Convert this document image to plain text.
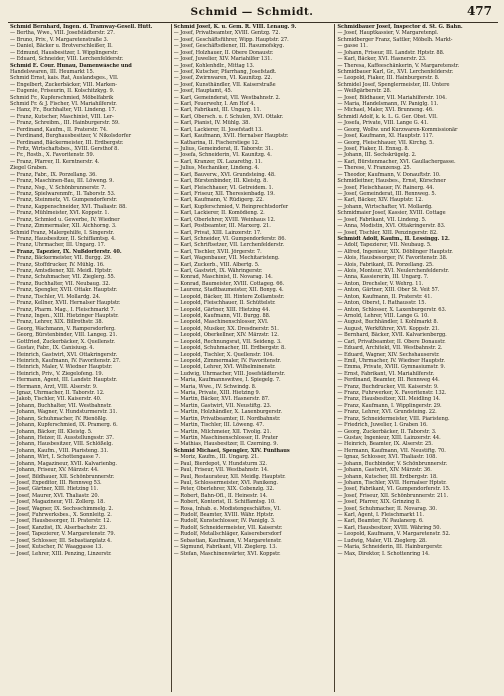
Schmid — Schmidt.	477
Schmid Bernhard, Ingen. d. Tramway-Gesell. Hütt.
— Bertha, Wwe., VIII. Josefstädterstr. 27.
— Bruno, Priv., V. Margaretenstraße 3.
— Daniel, Bäcker u. Brotverschleißer, II.
— Edmund, Hausbesitzer, I. Wipplingerstr.
— Eduard, Schneider, VIII. Lerchenfelderstr.
Schmid E. Cour. Hunau, Damenwäsche und
Handelswaren, III. Heumarkt 15.
Schmid Ernst, kais. Rat, Auslandsges., VII.
— Engelbert, Zuckerbäcker, VIII. Marken-
— Eugenie, Friseurin, II. Kolschitzkyg. 9.
Schmid Fr., Kupferschmied, Möbelfabrik
Schmid Fr. & J. Fischer, VI. Mariahilferstr.
— Hanz, Fr., Buchhalter, VII. Lindeng. 17.
— Franz, Kutscher, Maschinist, VIII. Ler-
— Franz, Schreibm., III. Hainburgerstr. 59.
— Ferdinand, Kaufm., II. Praterstr. 74.
— Ferdinand, Burghausbesitzer, V. Nikolsdorfer
— Ferdinand, Bäckermeister, III. Erdbergstr.
— Fritz, Wirtschaftsbes., XVIII. Gersthof 8.
— Fr., Rostb., X. Favoritenstr. 59.
— Franz, Pfarrer, II. Kerntnerstr. 4.
Ziegel Graben.
— Franz, Fabr., IX. Porzellang. 36.
— Franz, Maschinen-Bau, III. Löweng. 9.
— Franz, Nsg., V. Schönbrunnerstr. 7.
— Franz, Spielwarenmfr., II. Taborstr. 53.
— Franz, Steinmetz, VI. Gumpendorferstr.
— Franz, Kappenschneider, XVI. Thaliastr. 88.
— Franz, Mühlmeister, XVI. Koppstr. 1.
— Franz, Schmied u. Gewerbe, IV. Wiedner
— Franz, Zimmermaler, XII. Aichhorng. 3.
Schmid Franz, Malergehilfe, I. Singerstr.
— Franz, Hausbesitzer, II. Schiffamtsg. 4.
— Franz, Uhrmacher, III. Ungarg. 17.
— Franz, Tapezier, IX. Nußdorferstr. 40.
— Franz, Bäckermeister, VII. Burgg. 29.
— Franz, Stoffdrucker, IV. Mühlg. 16.
— Franz, Amtsdiener, XII. Meidl. Hptstr.
— Franz, Schuhmacher, VII. Zieglerg. 55.
— Franz, Buchhalter, VII. Neubaug. 32.
— Franz, Spengler, XVII. Ottakr. Hauptstr.
— Franz, Tischler, VI. Mollardg. 24.
— Franz, Kellner, XVII. Hernalser Hauptstr.
— Franz, Pharm. Mag., I. Fleischmarkt 7.
— Franz, Ingen., XIII. Hietzinger Hauptstr.
— Franz, Lehrer, XIX. Billrothstr. 38.
— Georg, Wachmann, V. Rampersdorferg.
— Georg, Bürstenbinder, VIII. Langeg. 21.
— Gottfried, Zuckerbäcker, X. Quellenstr.
— Gustav, Fabr., IX. Canisiusg. 4.
— Heinrich, Gastwirt, XVI. Ottakringerstr.
— Heinrich, Kaufmann, IV. Favoritenstr. 27.
— Heinrich, Maler, V. Wiedner Hauptstr.
— Heinrich, Priv., V. Ziegelofeng. 19.
— Hermann, Agent, III. Landstr. Hauptstr.
— Hermann, Arzt, VIII. Alserstr. 9.
— Ignaz, Uhrmacher, II. Taborstr. 12.
— Jakob, Tischler, VII. Kaiserstr. 40.
— Johann, Buchhalter, VII. Westbahnstr.
— Johann, Wagner, V. Hundsturmerstr. 31.
— Johann, Schuhmacher, IV. Rienößlg.
— Johann, Kupferschmied, IX. Pramerg. 6.
— Johann, Bäcker, III. Kleistg. 5.
— Johann, Heizer, II. Ausstellungsstr. 37.
— Johann, Hausbesitzer, VIII. Schlößelg.
— Johann, Kaufm., VIII. Piaristeng. 31.
— Johann, Wirt, I. Schottengasse 7.
— Johann, Magazineur, XVII. Kalvarienbg.
— Johann, Friseur, XV. Märzstr. 44.
— Josef, Bildhauer, XII. Schönbrunnerstr.
— Josef, Expeditor, III. Rennweg 53.
— Josef, Gärtner, XIII. Hietzing 11.
— Josef, Maurer, XVI. Thaliastr. 20.
— Josef, Magazineur, VII. Zollerg. 18.
— Josef, Wagner, IX. Sechsschimmelg. 2.
— Josef, Fuhrwerksbes., X. Sonnleitg. 2.
— Josef, Hausbesorger, II. Praterstr. 12.
— Josef, Kanzlist, IX. Alserbachstr. 23.
— Josef, Tapezierer, V. Margaretenstr. 79.
— Josef, Schlosser, III. Sebastianplatz 4.
— Josef, Kutscher, IV. Waaggasse 13.
— Josef, Lehrer, XIII. Penzing, Linzerstr.
Schmid Josef, K. u. Gem. R. VIII. Lenaug. 9.
— Josef, Privatbeamter, XVIII. Gentzg. 72.
— Josef, Geschäftsführer, Wipp. Hauptstr. 27.
— Josef, Geschäftsdiener, III. Rasumofskyg.
— Josef, Holzhauer, II. Obere Donaustr.
— Josef, Juwelier, XIV. Mariahilfer 131.
— Josef, Kohlenhdlr., Mittag 13.
— Josef, Kutscher, Pfarrhang, Josefstadt.
— Josef, Zwirnwaren, VI. Kaunitzg. 22.
— Josef, Kunsthändler, VII. Kaiserstraße
— Josef, Hauptamt, 45.
— Karl, Gemeinderat, VII. Westbahnstr. 2.
— Karl, Feuerwehr, I. Am Hof 4.
— Karl, Fabrikant, III. Ungarg. 11.
— Karl, Obersch. u. f. Schulen, XVI. Ottakr.
— Karl, Pianist, IV. Mühlg. 38.
— Karl, Lackierer, II. Josefstadt 13.
— Karl, Kaufmann, XVII. Hernalser Hauptstr.
— Katharina, II. Fischerstiege 12.
— Julius, Gemeinderat, II. Taborstr. 31.
— Josefa, Schneiderin, VI. Kaunitzg. 4.
— Karl, Kranzer, IX. Lazarethg. 11.
— Julius, Mechaniker, Lindeng. 4.
— Karl, Bauverw., XVI. Grundsteing. 48.
— Karl, Bürstenbinder, III. Kleistg. 8.
— Karl, Fleischhauer, VI. Getreidem. 1.
— Karl, Friseur, XII. Theresienbadg. 19.
— Karl, Kaufmann, V. Rüdigerg. 22.
— Karl, Kupferschmied, V. Reinprechtsdorfer
— Karl, Lackierer, II. Komödieng. 2.
— Karl, Oberlehrer, XVIII. Weinhaus 12.
— Karl, Postbeamter, III. Marxerg. 21.
— Karl, Privat, XIII. Lainzerstr. 17.
— Karl, Schneider, VI. Gumpendorferstr. 86.
— Karl, Schriftsetzer, VII. Lerchenfelderstr.
— Karl, Tischler, XVII. Jörgerstr. 7.
— Karl, Wagenbauer, VII. Mechitaristeng.
— Karl, Zuckerb., VIII. Albertg. 5.
— Karl, Gastwirt, IX. Währingerstr.
— Konrad, Maschinist, II. Novarag. 14.
— Konrad, Baumeister, XVIII. Cottageg. 66.
— Laurenz, Stadtbaumeister, XII. Bonyg. 4.
— Leopold, Bäcker, III. Hintere Zollamtsstr.
— Leopold, Fleischhauer, II. Schüttelstr.
— Leopold, Gärtner, XIII. Hietzing 44.
— Leopold, Kaufmann, VII. Burgg. 88.
— Leopold, Maschinenschlosser, XVI.
— Leopold, Musiker, XX. Dresdnerstr. 51.
— Leopold, Oberkellner, XIV. Märzstr. 12.
— Leopold, Rechnungsrat, VII. Seideng. 3.
— Leopold, Schuhmacher, III. Erdbergstr. 8.
— Leopold, Tischler, X. Quellenstr. 104.
— Leopold, Zimmermaler, IV. Favoritenstr.
— Leopold, Lehrer, XVI. Wilhelminenstr.
— Ludwig, Uhrmacher, VIII. Josefstädterstr.
— Maria, Kaufmannswitwe, I. Spiegelg. 7.
— Maria, Wwe., IV. Schwindg. 8.
— Maria, Private, XIII. Hietzing 9.
— Martin, Bäcker, XVI. Hasnerstr. 87.
— Martin, Gastwirt, VII. Neustiftg. 23.
— Martin, Holzhändler, X. Laxenburgerstr.
— Martin, Privatbeamter, II. Nordbahnstr.
— Martin, Tischler, III. Löweng. 47.
— Martin, Milchmeier, XII. Tivolig. 21.
— Martin, Maschinenschlosser, II. Prater
— Mathias, Hausbesitzer, II. Czerning. 9.
Schmid Michael, Spengler, XIV. Fünfhaus
— Moriz, Kaufm., III. Ungarg. 21.
— Paul, Bierdepot, V. Hundsturm 32.
— Paul, Friseur, VII. Westbahnstr. 14.
— Paul, Restaurateur, XII. Meidlg. Hauptstr.
— Paul, Schlossermeister, XVI. Panikeng.
— Peter, Oberlehrer, XIX. Cobenzlg. 32.
— Robert, Bahn-Ofl., II. Heinestr. 14.
— Robert, Kontorist, II. Schiffamtsg. 10.
— Rosa, Inhab. e. Modistengeschäftes, VI.
— Rudolf, Beamter, XVIII. Währ. Hptstr.
— Rudolf, Kunstschlosser, IV. Paniglg. 3.
— Rudolf, Schneidermeister, VII. Kaiserstr.
— Rudolf, Metallschläger, Kaiserebersdorf
— Sebastian, Kaufmann, V. Margaretenstr.
— Sigmund, Fabrikant, VII. Zieglerg. 13.
— Stefan, Maschinenwärter, XVI. Koppstr.
Schmidbauer Josef, Inspector d. St. G. Bahn.
— Josef, Hauptkassier, V. Margaretenpl.
Schmidberger Franz, Sattler, Möbelh. Markt-
— gasse 11.
— Johann, Friseur, III. Landstr. Hptstr. 88.
— Karl, Bäcker, XVI. Hasnerstr. 23.
— Theresa, Kaffeeschänkerin, V. Margaretenstr.
Schmidbauer Karl, Gr., XVI. Lerchenfelderstr.
— Leopold, Fiaker, III. Hainburgerstr. 8.
Schmidel Josef, Spenglermeister, III. Untere
— Weißgärberstr. 28.
— Josef, Bildhauer, VII. Mariahilferstr. 104.
— Maria, Handelsmann, IV. Paniglg. 11.
— Michael, Maler, XVI. Brunneng. 46.
Schmidl Adolf, k. k. L. G. Ger. Obst. VII.
— Josefa, Private, VIII. Lange G. 41.
— Georg, Wollw. und Kurzwaren-Kommissionär
— Josef, Kaufmann, XI. Hauptstr. 117.
— Georg, Fleischhauer, VII. Kirchg. 5.
— Josef, Fiaker, II. Ennsg. 8.
— Johann, III. Sechskrügelg. 2.
— Karl, Bürstenmacher, XVI. Gaullachergasse.
— Therese, V. Franzensg. 25.
— Theodor, Kaufmann, V. Donauftstr. 10.
Schmidleitner, Hausbes., Ernst, Kürschner
— Josef, Fleischhauer, IV. Rainerg. 44.
— Josef, Gemeinderat, III. Rennweg. 5.
— Karl, Bäcker, XIV. Hauptstr. 12.
— Johann, Wirtschafter, VI. Mollardg.
Schmidmaier Josef, Kassier, XVIII. Cottage
— Josef, Fabrikant, VII. Lindeng. 5.
— Anna, Modistin, XVI. Ottakringerstr. 83.
— Josef, Tischler, XIII. Penzingerstr. 82.
Schmidt Adolf, Kaufm., II. Lessingg. 12.
— Adolf, Tapezierer, VII. Neubaug. 5.
— Alfred, Ingenieur, XIX. Döblinger Hauptstr.
— Alois, Hausbesorger, IV. Favoritenstr. 38.
— Alois, Fabrikant, IX. Porzellang. 25.
— Alois, Monteur, XVI. Neulerchenfelderstr.
— Anna, Kassiererin, III. Ungarg. 7.
— Anton, Drechsler, V. Wehrg. 11.
— Anton, Gärtner, XIII. Ober St. Veit 57.
— Anton, Kaufmann, II. Praterstr. 41.
— Anton, Oberst, I. Rathausstr. 15.
— Anton, Schlosser, X. Laxenburgerstr. 63.
— Arnold, Lehrer, VIII. Lange G. 10.
— August, Buchhändler, I. Kohlmarkt 8.
— August, Werkführer, XVI. Koppstr. 21.
— Bernhard, Bäcker, XVII. Kalvarienbergg.
— Carl, Privatbeamter, II. Obere Donaustr.
— Eduard, Architekt, VII. Westbahnstr. 2.
— Eduard, Wagner, XIV. Sechshauserstr.
— Emil, Uhrmacher, IV. Wiedner Hauptstr.
— Emma, Private, XVIII. Gymnasiumstr. 9.
— Ernst, Fabrikant, VI. Mariahilferstr.
— Ferdinand, Beamter, III. Rennweg 44.
— Franz, Buchdrucker, VII. Kaiserstr. 9.
— Franz, Fuhrwerker, X. Favoritenstr. 132.
— Franz, Hausbesitzer, XII. Meidling 14.
— Franz, Kaufmann, I. Wipplingerstr. 29.
— Franz, Lehrer, XVI. Grundsteing. 22.
— Franz, Schneidermeister, VIII. Piaristeng.
— Friedrich, Juwelier, I. Graben 16.
— Georg, Zuckerbäcker, II. Taborstr. 3.
— Gustav, Ingenieur, XIII. Lainzerstr. 44.
— Heinrich, Beamter, IX. Alserstr. 25.
— Hermann, Kaufmann, VII. Neustiftg. 70.
— Ignaz, Schlosser, XVI. Thaliastr. 108.
— Johann, Buchbinder, V. Schönbrunnerstr.
— Johann, Gastwirt, XIV. Märzstr. 36.
— Johann, Kutscher, III. Erdbergstr. 18.
— Johann, Tischler, XVII. Hernalser Hptstr.
— Josef, Fabrikant, VI. Gumpendorferstr. 15.
— Josef, Friseur, XII. Schönbrunnerstr. 211.
— Josef, Pfarrer, XIX. Grinzing 8.
— Josef, Schuhmacher, II. Novarag. 30.
— Karl, Agent, I. Fleischmarkt 11.
— Karl, Beamter, IV. Paulanerg. 6.
— Karl, Hausbesitzer, XVIII. Währing 50.
— Leopold, Kaufmann, V. Margaretenstr. 52.
— Ludwig, Maler, VII. Zieglerg. 28.
— Maria, Schneiderin, III. Hainburgerstr.
— Max, Direktor, I. Schottenring 14.
